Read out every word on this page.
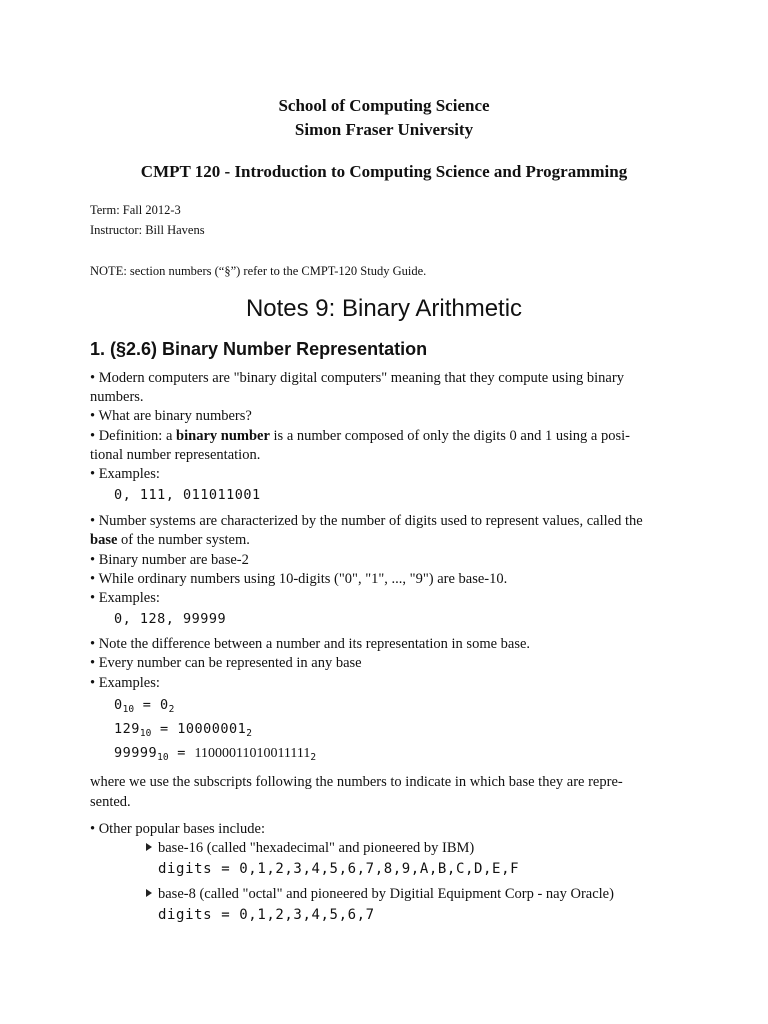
School of Computing Science
Simon Fraser University
CMPT 120 - Introduction to Computing Science and Programming
Term: Fall 2012-3
Instructor: Bill Havens
NOTE: section numbers (“§”) refer to the CMPT-120 Study Guide.
Notes 9: Binary Arithmetic
1. (§2.6) Binary Number Representation
• Modern computers are "binary digital computers" meaning that they compute using binary
numbers.
• What are binary numbers?
• Definition: a binary number is a number composed of only the digits 0 and 1 using a posi-
tional number representation.
• Examples:
0, 111, 011011001
• Number systems are characterized by the number of digits used to represent values, called the
base of the number system.
• Binary number are base-2
• While ordinary numbers using 10-digits ("0", "1", ..., "9") are base-10.
• Examples:
0, 128, 99999
• Note the difference between a number and its representation in some base.
• Every number can be represented in any base
• Examples:
$0_{10} = 0_2$
$129_{10} = 10000001_2$
$99999_{10} = 11000011010011111_2$
where we use the subscripts following the numbers to indicate in which base they are repre-
sented.
• Other popular bases include:
base-16 (called "hexadecimal" and pioneered by IBM)
digits = 0,1,2,3,4,5,6,7,8,9,A,B,C,D,E,F
base-8 (called "octal" and pioneered by Digitial Equipment Corp - nay Oracle)
digits = 0,1,2,3,4,5,6,7
